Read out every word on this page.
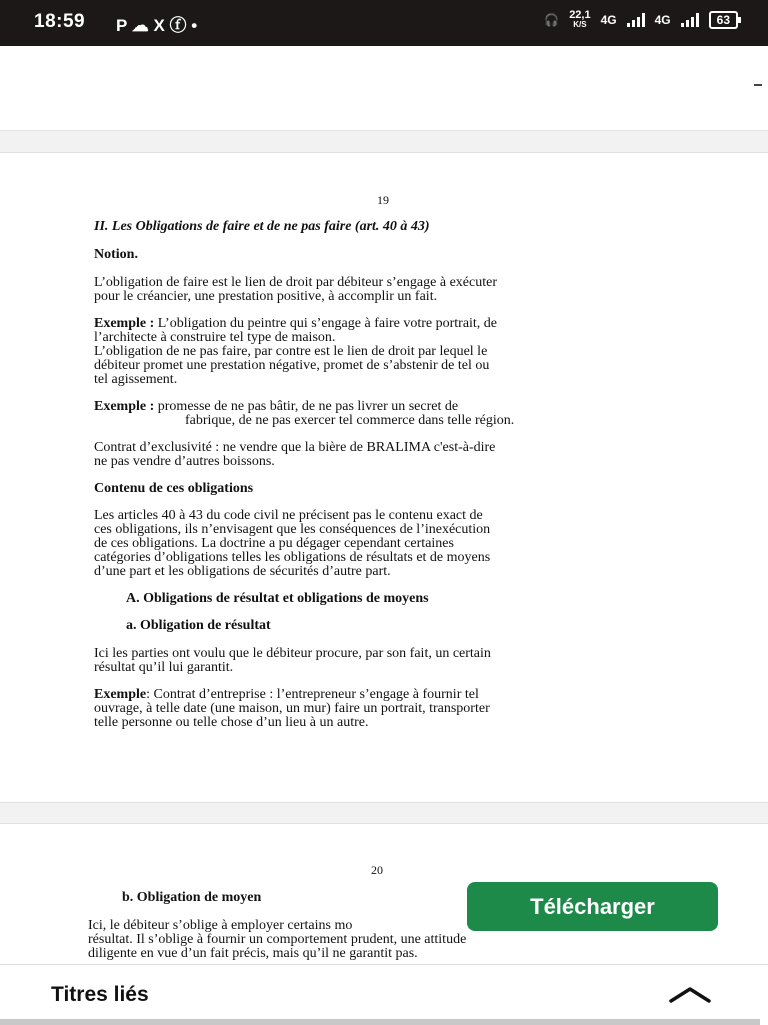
18:59 P ☁ X ⓕ •	🎧 22,1
K/S	4G	4G	63
19
II. Les Obligations de faire et de ne pas faire (art. 40 à 43)
Notion.
L’obligation de faire est le lien de droit par débiteur s’engage à exécuter
pour le créancier, une prestation positive, à accomplir un fait.
Exemple : L’obligation du peintre qui s’engage à faire votre portrait, de
l’architecte à construire tel type de maison.
L’obligation de ne pas faire, par contre est le lien de droit par lequel le
débiteur promet une prestation négative, promet de s’abstenir de tel ou
tel agissement.
Exemple : promesse de ne pas bâtir, de ne pas livrer un secret de
fabrique, de ne pas exercer tel commerce dans telle région.
Contrat d’exclusivité : ne vendre que la bière de BRALIMA c'est-à-dire
ne pas vendre d’autres boissons.
Contenu de ces obligations
Les articles 40 à 43 du code civil ne précisent pas le contenu exact de
ces obligations, ils n’envisagent que les conséquences de l’inexécution
de ces obligations. La doctrine a pu dégager cependant certaines
catégories d’obligations telles les obligations de résultats et de moyens
d’une part et les obligations de sécurités d’autre part.
A. Obligations de résultat et obligations de moyens
a. Obligation de résultat
Ici les parties ont voulu que le débiteur procure, par son fait, un certain
résultat qu’il lui garantit.
Exemple: Contrat d’entreprise : l’entrepreneur s’engage à fournir tel
ouvrage, à telle date (une maison, un mur) faire un portrait, transporter
telle personne ou telle chose d’un lieu à un autre.
20
b. Obligation de moyen
Ici, le débiteur s’oblige à employer certains mo
résultat. Il s’oblige à fournir un comportement prudent, une attitude
diligente en vue d’un fait précis, mais qu’il ne garantit pas.
Télécharger
Titres liés
